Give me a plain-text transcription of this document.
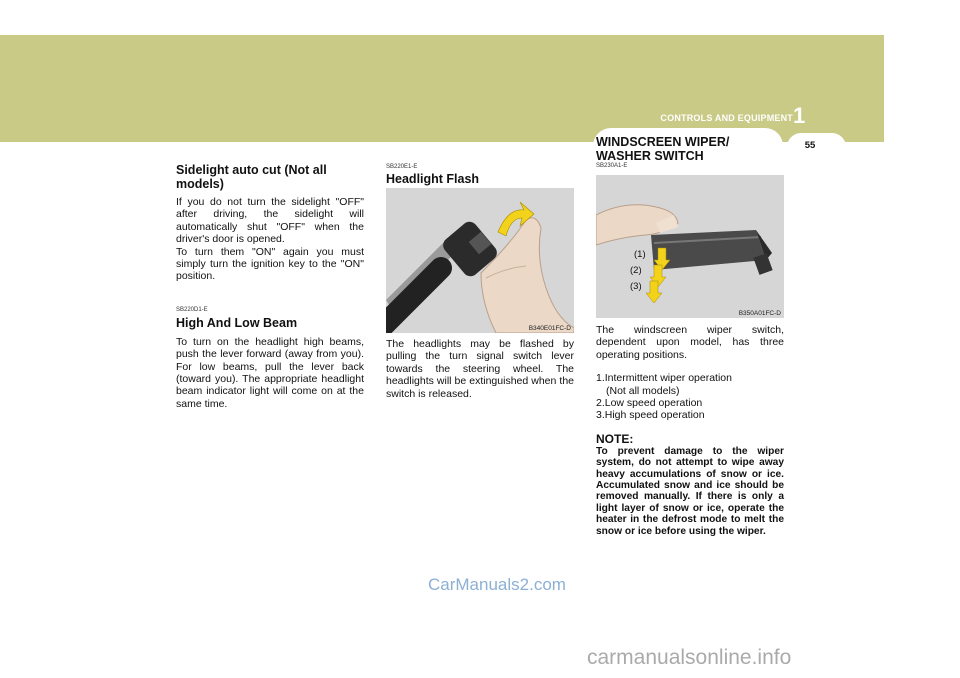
CONTROLS AND EQUIPMENT 1
WINDSCREEN WIPER/
WASHER SWITCH
55
Sidelight auto cut (Not all models)

If you do not turn the sidelight "OFF" after driving, the sidelight will automatically shut "OFF" when the driver's door is opened.

To turn them "ON" again you must simply turn the ignition key to the "ON" position.

SB220D1-E

High And Low Beam

To turn on the headlight high beams, push the lever forward (away from you). For low beams, pull the lever back (toward you). The appropriate headlight beam indicator light will come on at the same time.

SB220E1-E

Headlight Flash
B340E01FC-D

The headlights may be flashed by pulling the turn signal switch lever towards the steering wheel. The headlights will be extinguished when the switch is released.

SB230A1-E

(1)
(2)
(3)
B350A01FC-D

The windscreen wiper switch, dependent upon model, has three operating positions.

1.Intermittent wiper operation
(Not all models)
2.Low speed operation
3.High speed operation

NOTE:

To prevent damage to the wiper system, do not attempt to wipe away heavy accumulations of snow or ice. Accumulated snow and ice should be removed manually. If there is only a light layer of snow or ice, operate the heater in the defrost mode to melt the snow or ice before using the wiper.

CarManuals2.com
carmanualsonline.info
